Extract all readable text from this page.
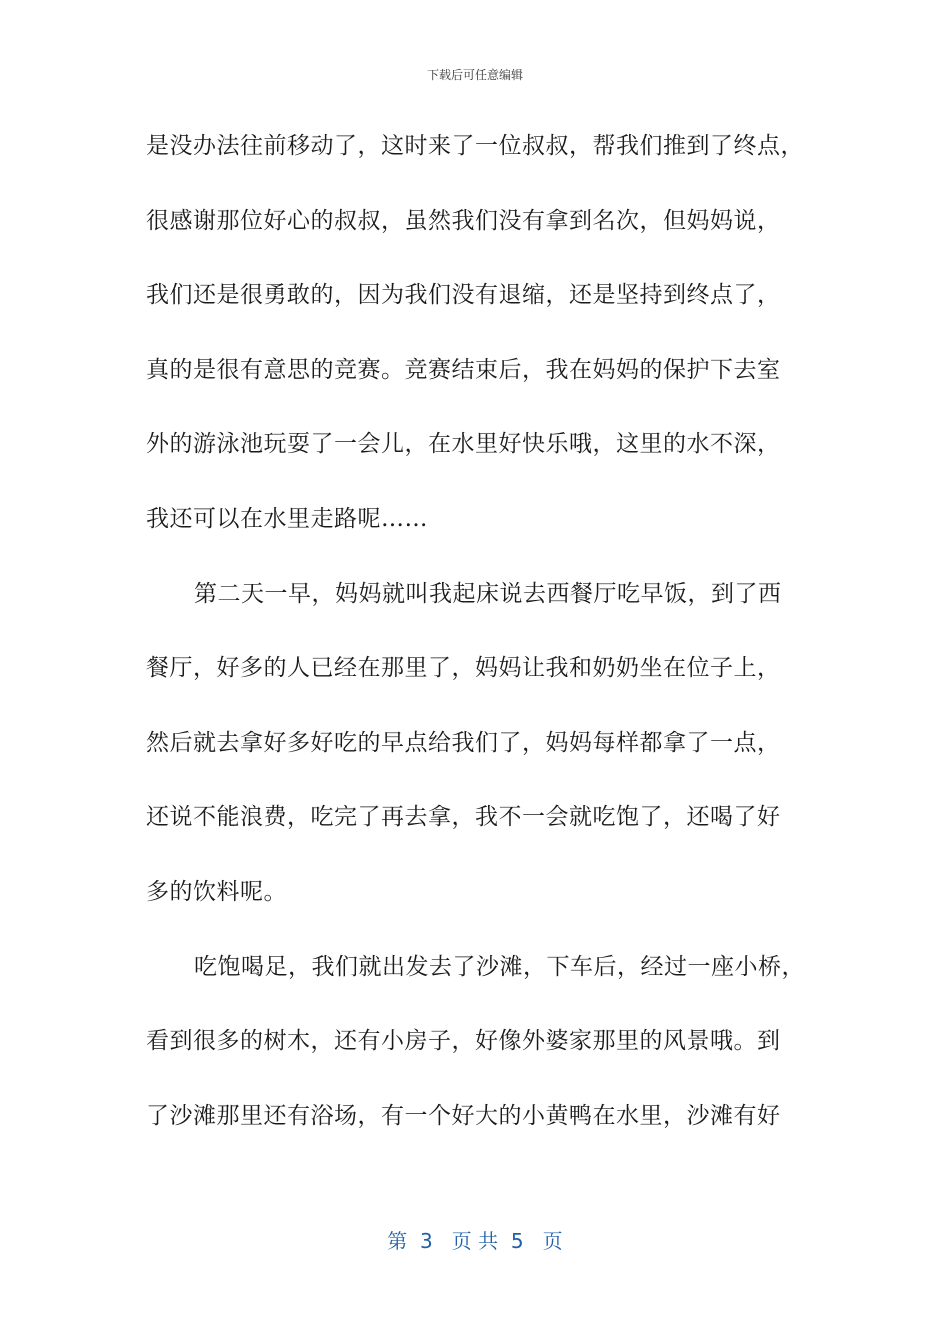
下载后可任意编辑
是没办法往前移动了，这时来了一位叔叔，帮我们推到了终点，
很感谢那位好心的叔叔，虽然我们没有拿到名次，但妈妈说，
我们还是很勇敢的，因为我们没有退缩，还是坚持到终点了，
真的是很有意思的竞赛。竞赛结束后，我在妈妈的保护下去室
外的游泳池玩耍了一会儿，在水里好快乐哦，这里的水不深，
我还可以在水里走路呢……
第二天一早，妈妈就叫我起床说去西餐厅吃早饭，到了西
餐厅，好多的人已经在那里了，妈妈让我和奶奶坐在位子上，
然后就去拿好多好吃的早点给我们了，妈妈每样都拿了一点，
还说不能浪费，吃完了再去拿，我不一会就吃饱了，还喝了好
多的饮料呢。
吃饱喝足，我们就出发去了沙滩，下车后，经过一座小桥，
看到很多的树木，还有小房子，好像外婆家那里的风景哦。到
了沙滩那里还有浴场，有一个好大的小黄鸭在水里，沙滩有好
第  3   页 共  5   页
